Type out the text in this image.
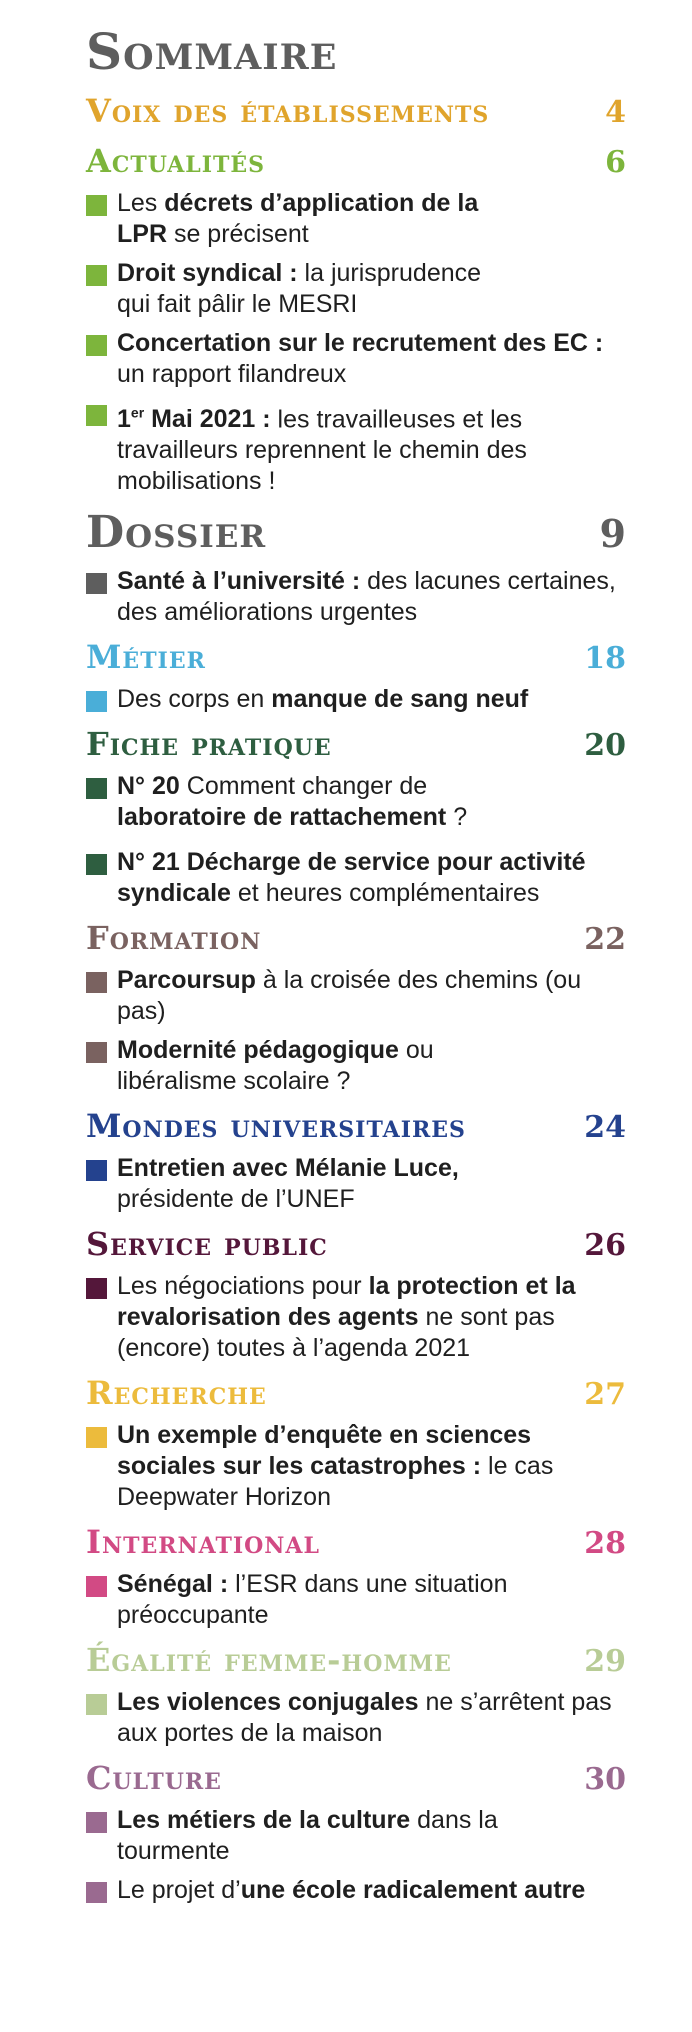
Sommaire
Voix des établissements	4
Actualités	6
Les décrets d’application de la LPR se précisent
Droit syndical : la jurisprudence qui fait pâlir le MESRI
Concertation sur le recrutement des EC : un rapport filandreux
1er Mai 2021 : les travailleuses et les travailleurs reprennent le chemin des mobilisations !
Dossier	9
Santé à l’université : des lacunes certaines, des améliorations urgentes
Métier	18
Des corps en manque de sang neuf
Fiche pratique	20
N° 20 Comment changer de laboratoire de rattachement ?
N° 21 Décharge de service pour activité syndicale et heures complémentaires
Formation	22
Parcoursup à la croisée des chemins (ou pas)
Modernité pédagogique ou libéralisme scolaire ?
Mondes universitaires	24
Entretien avec Mélanie Luce, présidente de l’UNEF
Service public	26
Les négociations pour la protection et la revalorisation des agents ne sont pas (encore) toutes à l’agenda 2021
Recherche	27
Un exemple d’enquête en sciences sociales sur les catastrophes : le cas Deepwater Horizon
International	28
Sénégal : l’ESR dans une situation préoccupante
Égalité femme-homme	29
Les violences conjugales ne s’arrêtent pas aux portes de la maison
Culture	30
Les métiers de la culture dans la tourmente
Le projet d’une école radicalement autre
